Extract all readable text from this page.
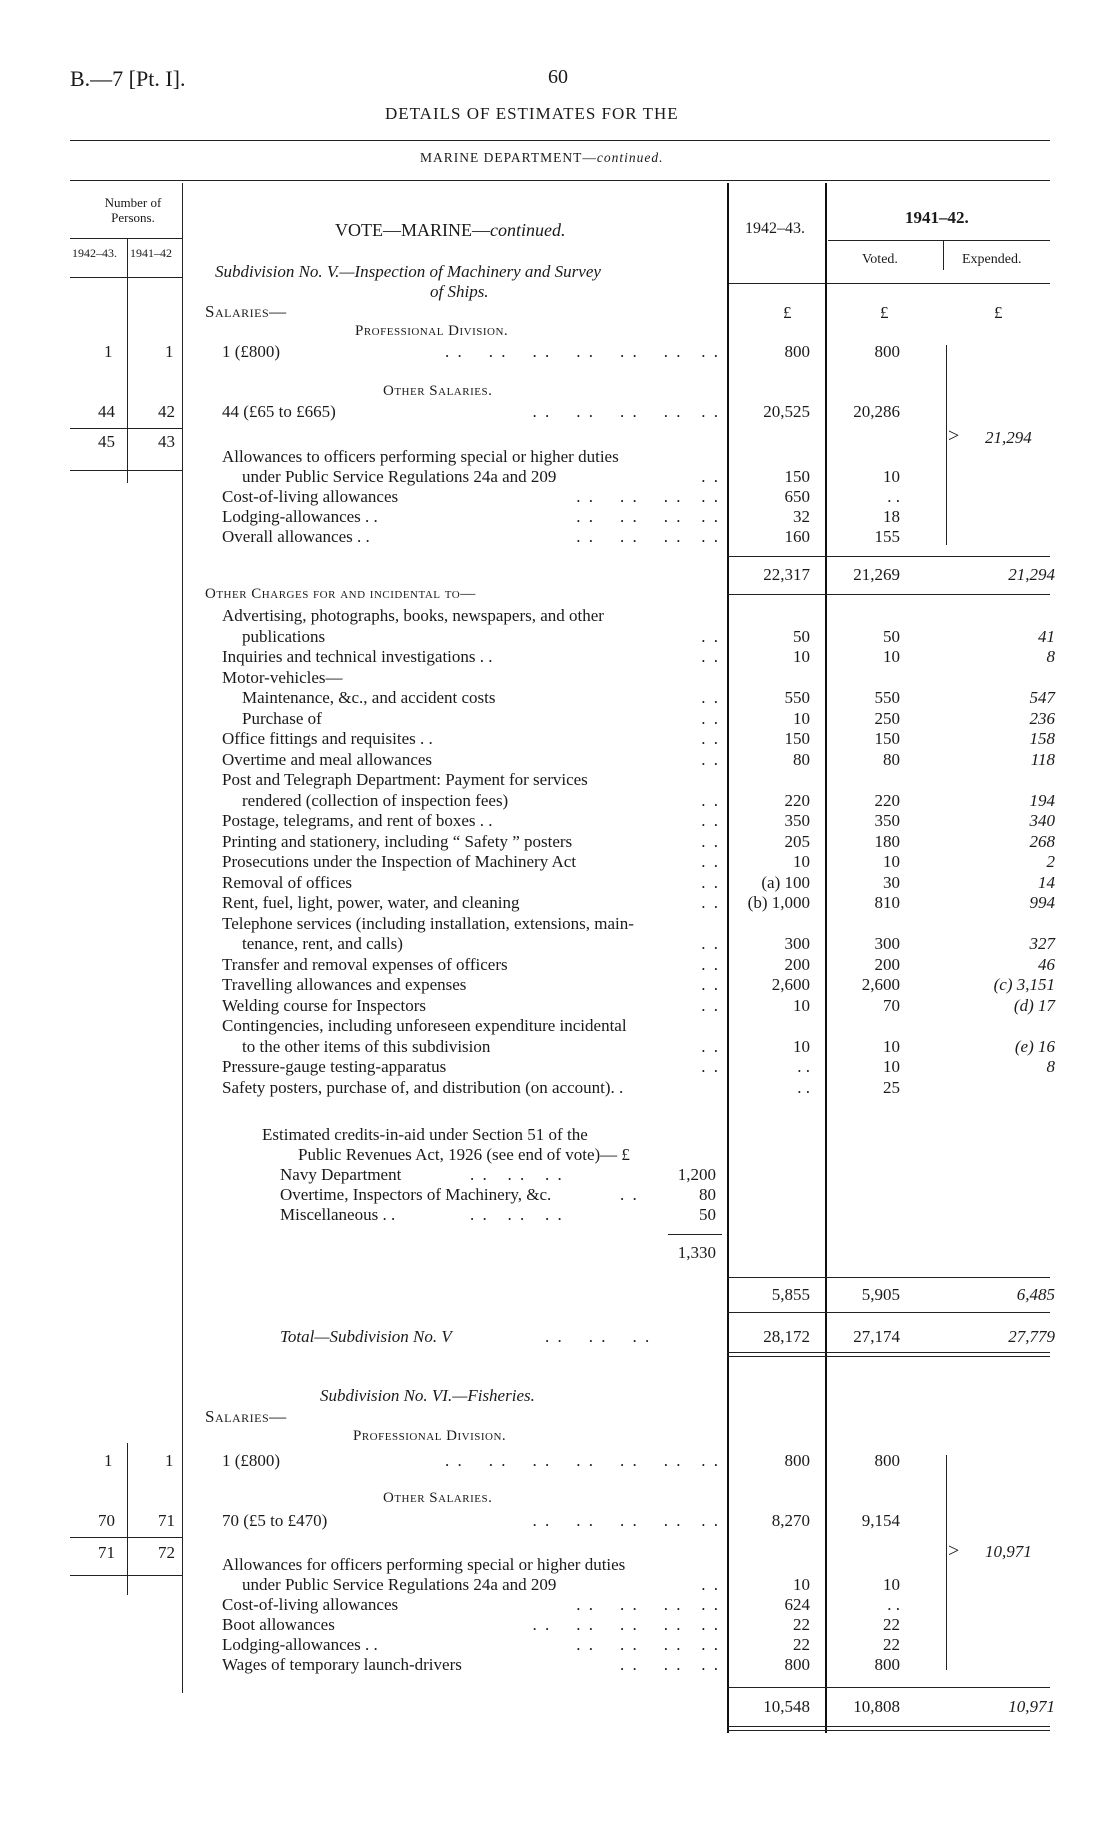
B.—7 [Pt. I].	60
DETAILS OF ESTIMATES FOR THE
MARINE DEPARTMENT—continued.
Number of Persons.
1942–43. 1941–42
VOTE—MARINE—continued.	1942–43.
1941–42.
Voted.	Expended.
Subdivision No. V.—Inspection of Machinery and Survey
of Ships.
Salaries—	£	£	£
Professional Division.
1	1	1 (£800)	. .    . .    . .    . .    . .    . .   . .	800	800
Other Salaries.
44	42	44 (£65 to £665)	. .    . .    . .    . .   . .	20,525	20,286
45	43	> 21,294
Allowances to officers performing special or higher duties
under Public Service Regulations 24a and 209	. .	150	10
Cost-of-living allowances	. .    . .    . .   . .	650	. .
Lodging-allowances . .	. .    . .    . .   . .	32	18
Overall allowances . .	. .    . .    . .   . .	160	155
22,317	21,269	21,294
Other Charges for and incidental to—
Advertising, photographs, books, newspapers, and other
publications	. .	50	50	41
Inquiries and technical investigations . .	. .	10	10	8
Motor-vehicles—
Maintenance, &c., and accident costs	. .	550	550	547
Purchase of	. .	10	250	236
Office fittings and requisites . .	. .	150	150	158
Overtime and meal allowances	. .	80	80	118
Post and Telegraph Department: Payment for services
rendered (collection of inspection fees)	. .	220	220	194
Postage, telegrams, and rent of boxes . .	. .	350	350	340
Printing and stationery, including “ Safety ” posters	. .	205	180	268
Prosecutions under the Inspection of Machinery Act	. .	10	10	2
Removal of offices	. .	(a) 100	30	14
Rent, fuel, light, power, water, and cleaning	. .	(b) 1,000	810	994
Telephone services (including installation, extensions, main-
tenance, rent, and calls)	. .	300	300	327
Transfer and removal expenses of officers	. .	200	200	46
Travelling allowances and expenses	. .	2,600	2,600	(c) 3,151
Welding course for Inspectors	. .	10	70	(d) 17
Contingencies, including unforeseen expenditure incidental
to the other items of this subdivision	. .	10	10	(e) 16
Pressure-gauge testing-apparatus	. .	. .	10	8
Safety posters, purchase of, and distribution (on account). .	. .	25
Estimated credits-in-aid under Section 51 of the
Public Revenues Act, 1926 (see end of vote)— £
Navy Department	. .   . .   . .	1,200
Overtime, Inspectors of Machinery, &c.	. .	80
Miscellaneous . .	. .   . .   . .	50
1,330
5,855	5,905	6,485
Total—Subdivision No. V	. .    . .    . .	28,172	27,174	27,779
Subdivision No. VI.—Fisheries.
Salaries—
Professional Division.
1	1	1 (£800)	. .    . .    . .    . .    . .    . .   . .	800	800
Other Salaries.
70	71	70 (£5 to £470)	. .    . .    . .    . .   . .	8,270	9,154
71	72	> 10,971
Allowances for officers performing special or higher duties
under Public Service Regulations 24a and 209	. .	10	10
Cost-of-living allowances	. .    . .    . .   . .	624	. .
Boot allowances	. .    . .    . .    . .   . .	22	22
Lodging-allowances . .	. .    . .    . .   . .	22	22
Wages of temporary launch-drivers	. .    . .   . .	800	800
10,548	10,808	10,971
